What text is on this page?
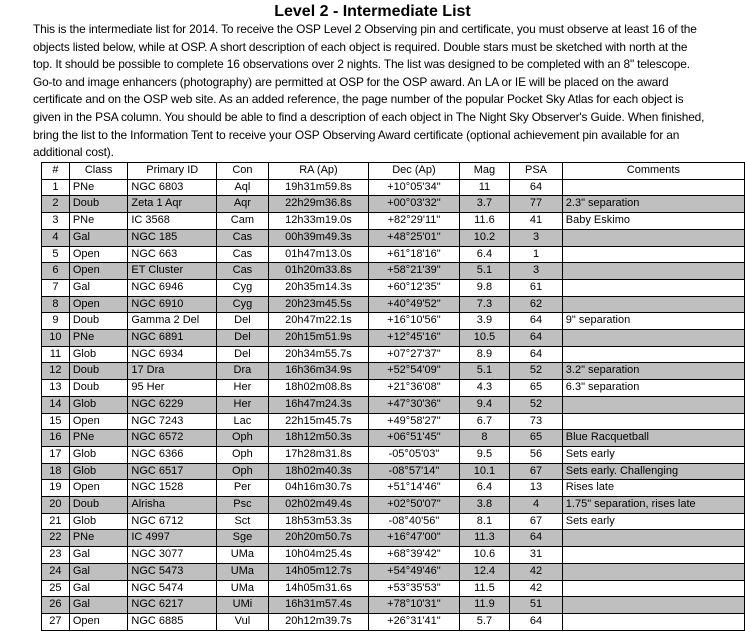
Level 2 - Intermediate List
This is the intermediate list for 2014. To receive the OSP Level 2 Observing pin and certificate, you must observe at least 16 of the
objects listed below, while at OSP. A short description of each object is required. Double stars must be sketched with north at the
top. It should be possible to complete 16 observations over 2 nights. The list was designed to be completed with an 8" telescope.
Go-to and image enhancers (photography) are permitted at OSP for the OSP award. An LA or IE will be placed on the award
certificate and on the OSP web site. As an added reference, the page number of the popular Pocket Sky Atlas for each object is
given in the PSA column. You should be able to find a description of each object in The Night Sky Observer's Guide. When finished,
bring the list to the Information Tent to receive your OSP Observing Award certificate (optional achievement pin available for an
additional cost).
#	Class	Primary ID	Con	RA (Ap)	Dec (Ap)	Mag	PSA	Comments
1	PNe	NGC 6803	Aql	19h31m59.8s	+10°05'34"	11	64	
2	Doub	Zeta 1 Aqr	Aqr	22h29m36.8s	+00°03'32"	3.7	77	2.3" separation
3	PNe	IC 3568	Cam	12h33m19.0s	+82°29'11"	11.6	41	Baby Eskimo
4	Gal	NGC 185	Cas	00h39m49.3s	+48°25'01"	10.2	3	
5	Open	NGC 663	Cas	01h47m13.0s	+61°18'16"	6.4	1	
6	Open	ET Cluster	Cas	01h20m33.8s	+58°21'39"	5.1	3	
7	Gal	NGC 6946	Cyg	20h35m14.3s	+60°12'35"	9.8	61	
8	Open	NGC 6910	Cyg	20h23m45.5s	+40°49'52"	7.3	62	
9	Doub	Gamma 2 Del	Del	20h47m22.1s	+16°10'56"	3.9	64	9" separation
10	PNe	NGC 6891	Del	20h15m51.9s	+12°45'16"	10.5	64	
11	Glob	NGC 6934	Del	20h34m55.7s	+07°27'37"	8.9	64	
12	Doub	17 Dra	Dra	16h36m34.9s	+52°54'09"	5.1	52	3.2" separation
13	Doub	95 Her	Her	18h02m08.8s	+21°36'08"	4.3	65	6.3" separation
14	Glob	NGC 6229	Her	16h47m24.3s	+47°30'36"	9.4	52	
15	Open	NGC 7243	Lac	22h15m45.7s	+49°58'27"	6.7	73	
16	PNe	NGC 6572	Oph	18h12m50.3s	+06°51'45"	8	65	Blue Racquetball
17	Glob	NGC 6366	Oph	17h28m31.8s	-05°05'03"	9.5	56	Sets early
18	Glob	NGC 6517	Oph	18h02m40.3s	-08°57'14"	10.1	67	Sets early. Challenging
19	Open	NGC 1528	Per	04h16m30.7s	+51°14'46"	6.4	13	Rises late
20	Doub	Alrisha	Psc	02h02m49.4s	+02°50'07"	3.8	4	1.75" separation, rises late
21	Glob	NGC 6712	Sct	18h53m53.3s	-08°40'56"	8.1	67	Sets early
22	PNe	IC 4997	Sge	20h20m50.7s	+16°47'00"	11.3	64	
23	Gal	NGC 3077	UMa	10h04m25.4s	+68°39'42"	10.6	31	
24	Gal	NGC 5473	UMa	14h05m12.7s	+54°49'46"	12.4	42	
25	Gal	NGC 5474	UMa	14h05m31.6s	+53°35'53"	11.5	42	
26	Gal	NGC 6217	UMi	16h31m57.4s	+78°10'31"	11.9	51	
27	Open	NGC 6885	Vul	20h12m39.7s	+26°31'41"	5.7	64	
